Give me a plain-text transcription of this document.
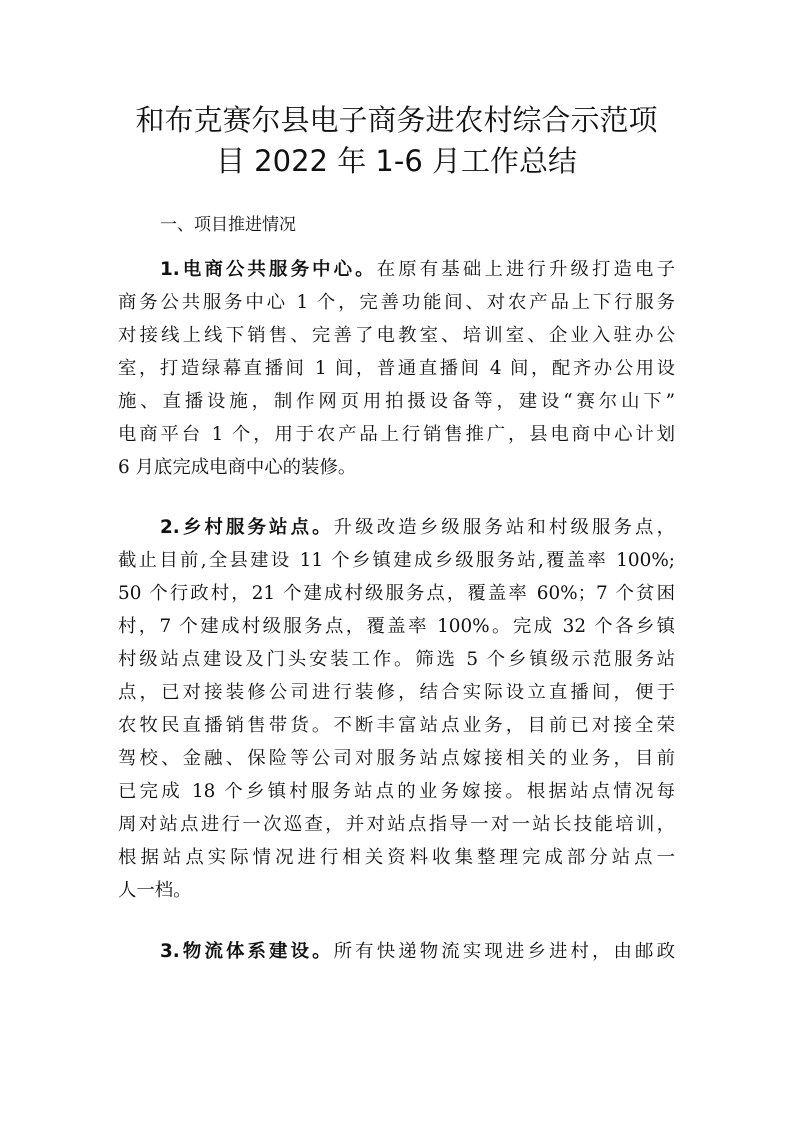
和布克赛尔县电子商务进农村综合示范项
目 2022 年 1-6 月工作总结
一、项目推进情况
1.电商公共服务中心。在原有基础上进行升级打造电子
商务公共服务中心 1 个，完善功能间、对农产品上下行服务
对接线上线下销售、完善了电教室、培训室、企业入驻办公
室，打造绿幕直播间 1 间，普通直播间 4 间，配齐办公用设
施、直播设施，制作网页用拍摄设备等，建设“赛尔山下”
电商平台 1 个，用于农产品上行销售推广，县电商中心计划
6 月底完成电商中心的装修。
2.乡村服务站点。升级改造乡级服务站和村级服务点，
截止目前,全县建设 11 个乡镇建成乡级服务站,覆盖率 100%;
50 个行政村，21 个建成村级服务点，覆盖率 60%；7 个贫困
村，7 个建成村级服务点，覆盖率 100%。完成 32 个各乡镇
村级站点建设及门头安装工作。筛选 5 个乡镇级示范服务站
点，已对接装修公司进行装修，结合实际设立直播间，便于
农牧民直播销售带货。不断丰富站点业务，目前已对接全荣
驾校、金融、保险等公司对服务站点嫁接相关的业务，目前
已完成 18 个乡镇村服务站点的业务嫁接。根据站点情况每
周对站点进行一次巡查，并对站点指导一对一站长技能培训，
根据站点实际情况进行相关资料收集整理完成部分站点一
人一档。
3.物流体系建设。所有快递物流实现进乡进村，由邮政
